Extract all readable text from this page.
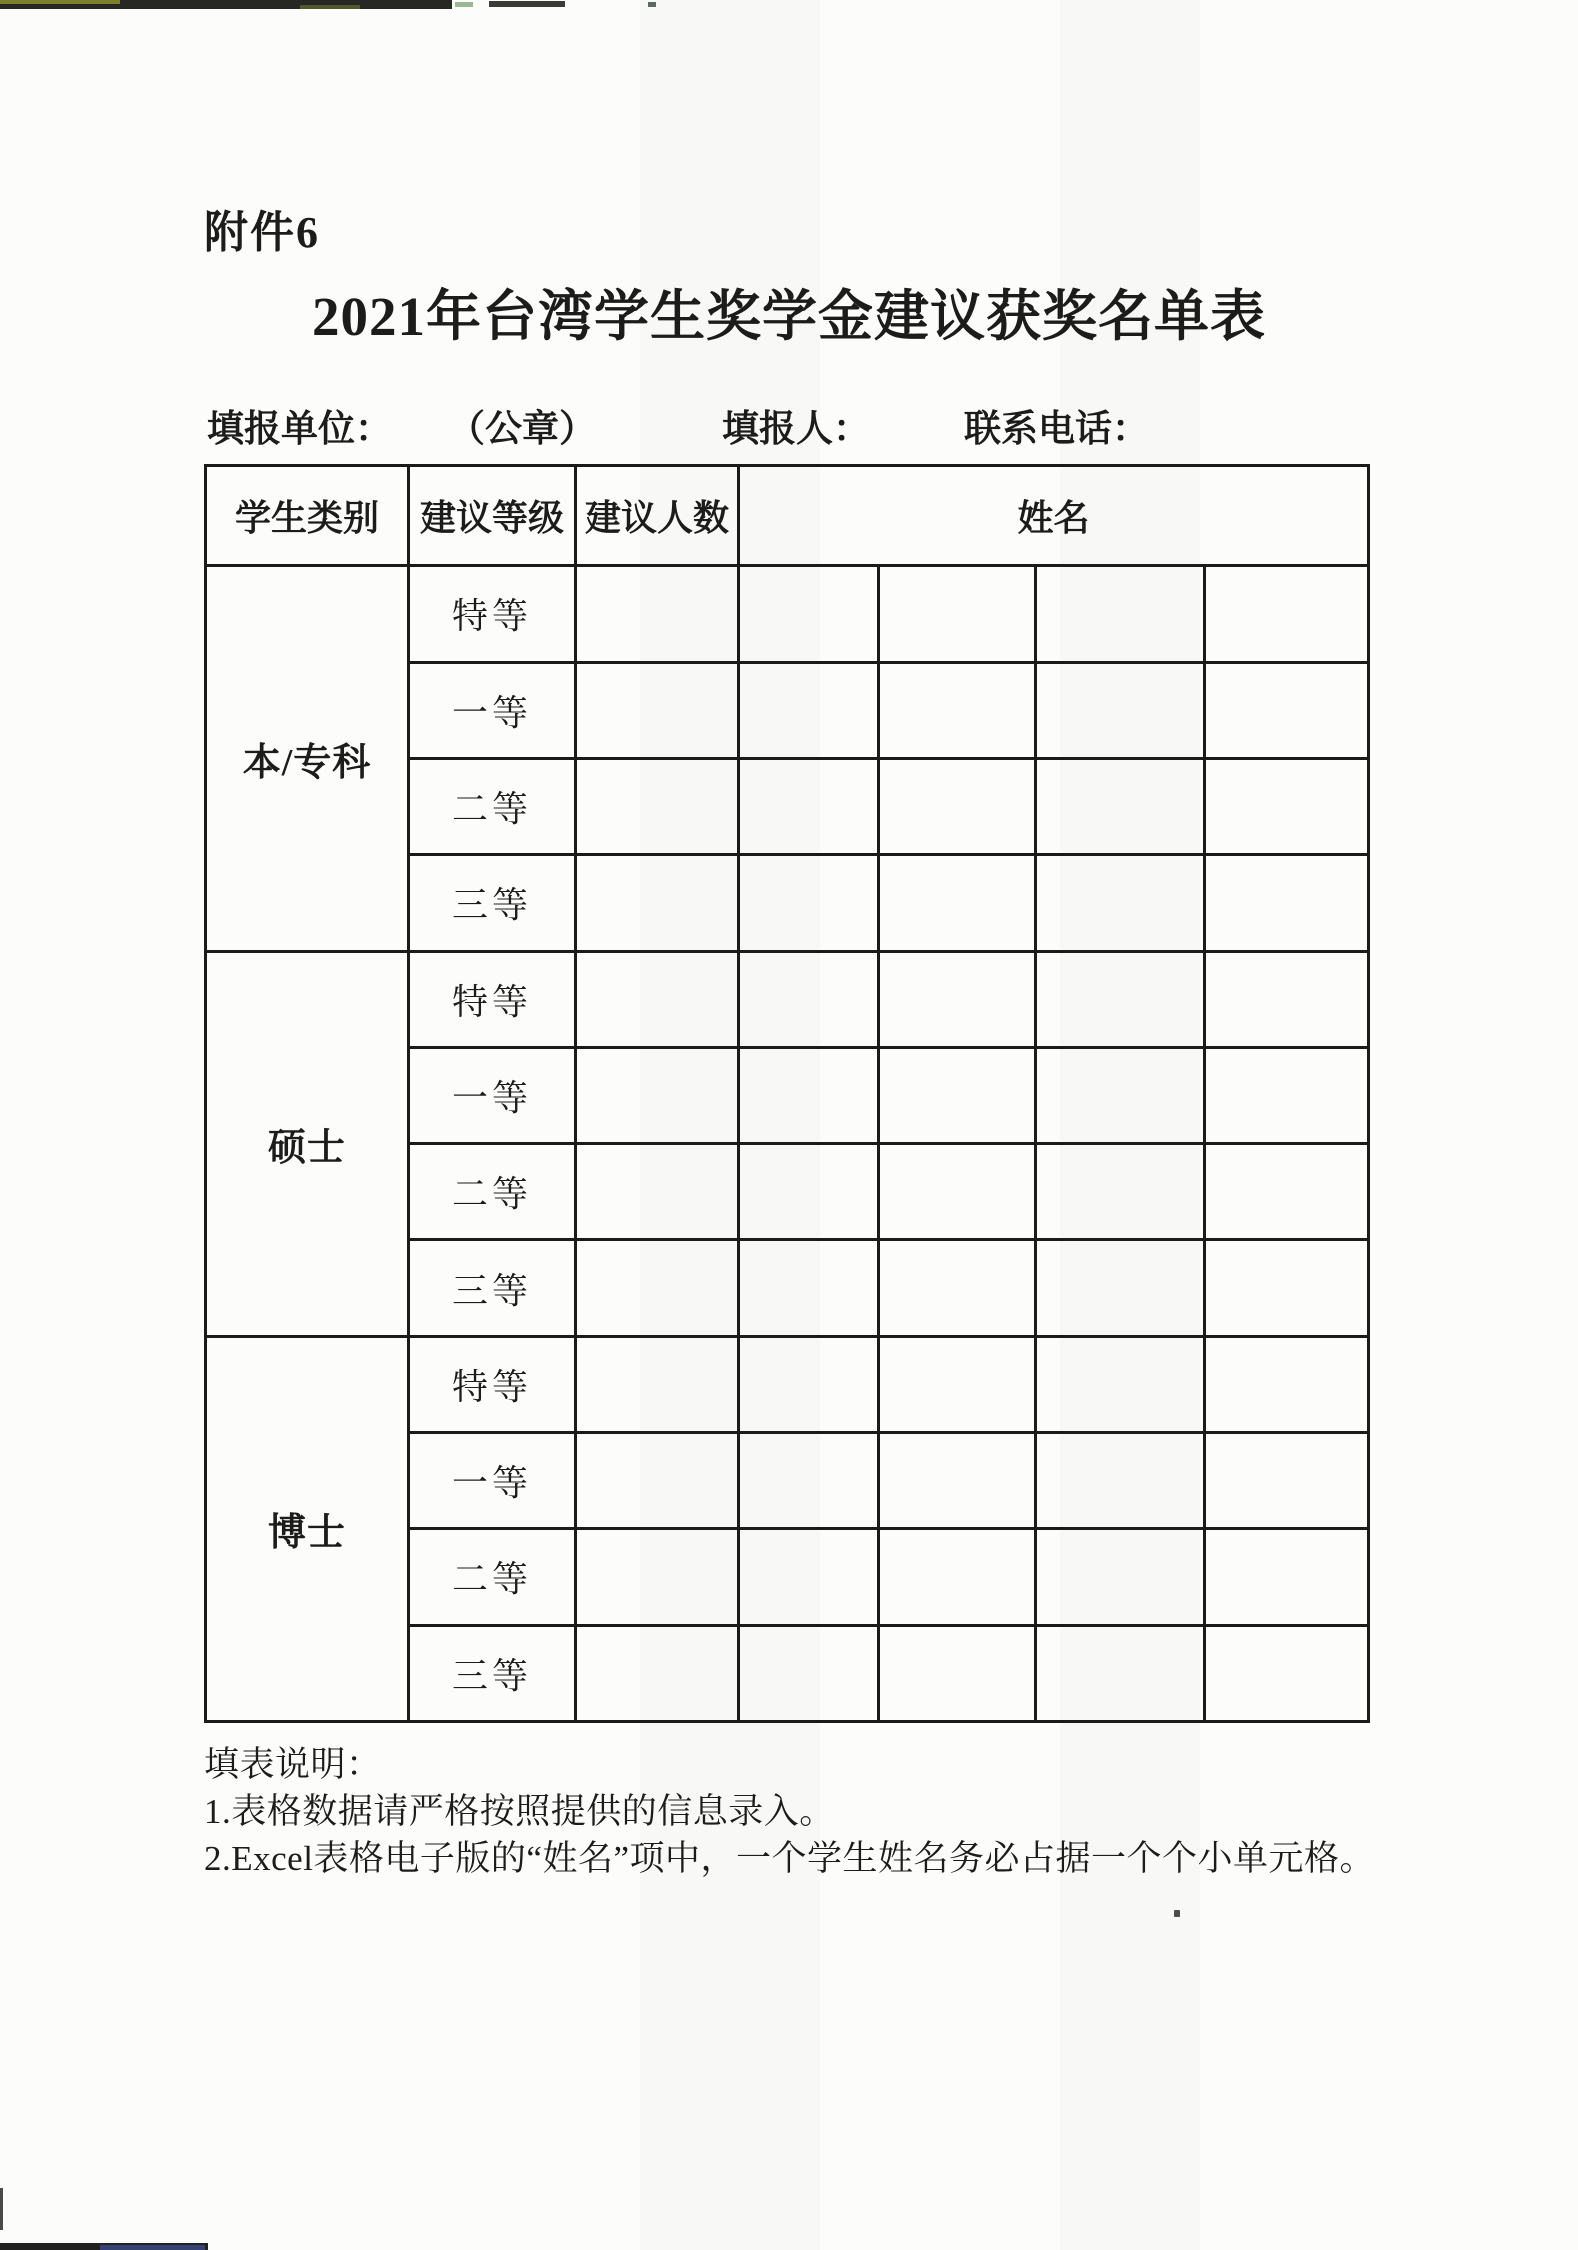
附件6
2021年台湾学生奖学金建议获奖名单表
填报单位： （公章）	填报人：	联系电话：
学生类别	建议等级	建议人数	姓名			
本/专科	特等					
	一等					
	二等					
	三等					
硕士	特等					
	一等					
	二等					
	三等					
博士	特等					
	一等					
	二等					
	三等					
填表说明：
1.表格数据请严格按照提供的信息录入。
2.Excel表格电子版的“姓名”项中，一个学生姓名务必占据一个个小单元格。
